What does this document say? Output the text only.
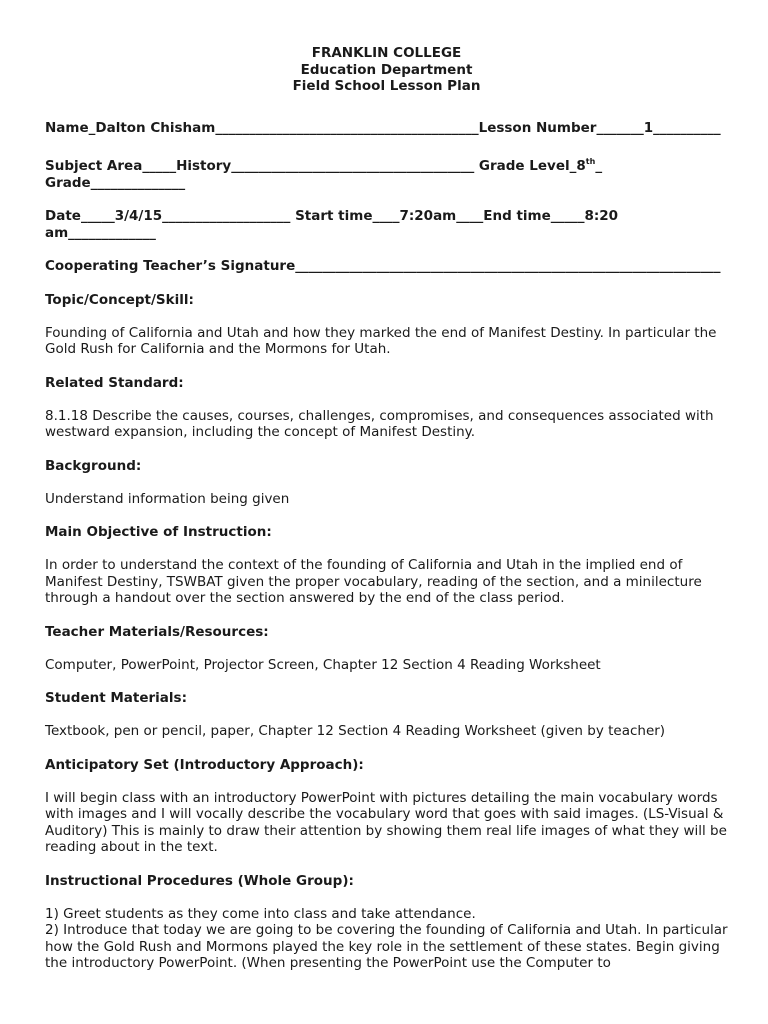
FRANKLIN COLLEGE
Education Department
Field School Lesson Plan
Name_Dalton Chisham_______________________________________Lesson Number_______1__________
Subject Area_____History____________________________________ Grade Level_8th_ Grade______________
Date_____3/4/15___________________ Start time____7:20am____End time_____8:20 am_____________
Cooperating Teacher’s Signature_______________________________________________________________
Topic/Concept/Skill:

Founding of California and Utah and how they marked the end of Manifest Destiny. In particular the Gold Rush for California and the Mormons for Utah.

Related Standard:

8.1.18 Describe the causes, courses, challenges, compromises, and consequences associated with westward expansion, including the concept of Manifest Destiny.

Background:

Understand information being given

Main Objective of Instruction:

In order to understand the context of the founding of California and Utah in the implied end of Manifest Destiny, TSWBAT given the proper vocabulary, reading of the section, and a minilecture through a handout over the section answered by the end of the class period.

Teacher Materials/Resources:

Computer, PowerPoint, Projector Screen, Chapter 12 Section 4 Reading Worksheet

Student Materials:

Textbook, pen or pencil, paper, Chapter 12 Section 4 Reading Worksheet (given by teacher)

Anticipatory Set (Introductory Approach):

I will begin class with an introductory PowerPoint with pictures detailing the main vocabulary words with images and I will vocally describe the vocabulary word that goes with said images. (LS-Visual & Auditory) This is mainly to draw their attention by showing them real life images of what they will be reading about in the text.

Instructional Procedures (Whole Group):

1) Greet students as they come into class and take attendance.
2) Introduce that today we are going to be covering the founding of California and Utah. In particular how the Gold Rush and Mormons played the key role in the settlement of these states. Begin giving the introductory PowerPoint. (When presenting the PowerPoint use the Computer to
